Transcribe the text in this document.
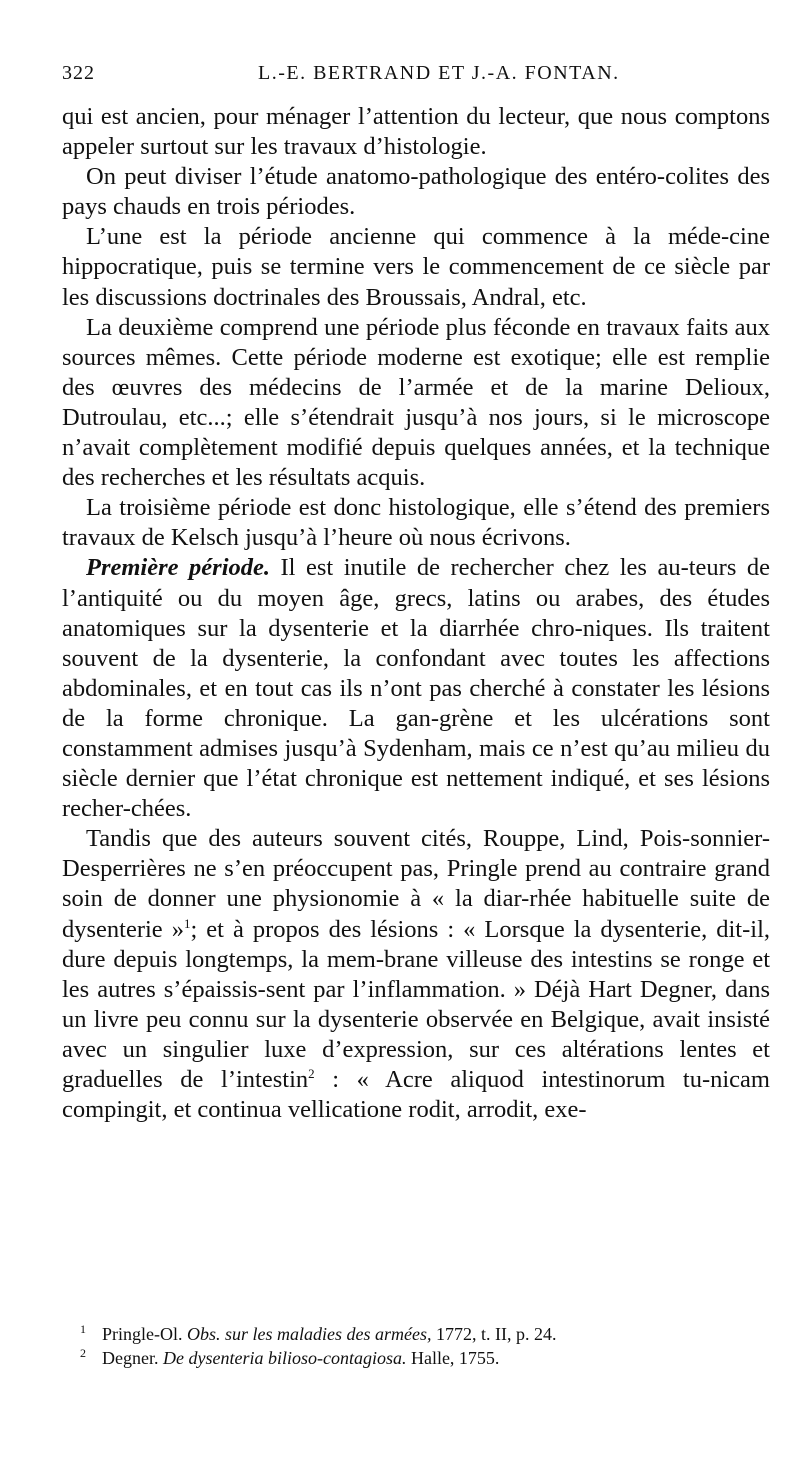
322	L.-E. BERTRAND ET J.-A. FONTAN.

qui est ancien, pour ménager l’attention du lecteur, que nous comptons appeler surtout sur les travaux d’histologie.

On peut diviser l’étude anatomo-pathologique des entéro-colites des pays chauds en trois périodes.

L’une est la période ancienne qui commence à la méde-cine hippocratique, puis se termine vers le commencement de ce siècle par les discussions doctrinales des Broussais, Andral, etc.

La deuxième comprend une période plus féconde en travaux faits aux sources mêmes. Cette période moderne est exotique; elle est remplie des œuvres des médecins de l’armée et de la marine Delioux, Dutroulau, etc...; elle s’étendrait jusqu’à nos jours, si le microscope n’avait complètement modifié depuis quelques années, et la technique des recherches et les résultats acquis.

La troisième période est donc histologique, elle s’étend des premiers travaux de Kelsch jusqu’à l’heure où nous écrivons.

Première période. Il est inutile de rechercher chez les au-teurs de l’antiquité ou du moyen âge, grecs, latins ou arabes, des études anatomiques sur la dysenterie et la diarrhée chro-niques. Ils traitent souvent de la dysenterie, la confondant avec toutes les affections abdominales, et en tout cas ils n’ont pas cherché à constater les lésions de la forme chronique. La gan-grène et les ulcérations sont constamment admises jusqu’à Sydenham, mais ce n’est qu’au milieu du siècle dernier que l’état chronique est nettement indiqué, et ses lésions recher-chées.

Tandis que des auteurs souvent cités, Rouppe, Lind, Pois-sonnier-Desperrières ne s’en préoccupent pas, Pringle prend au contraire grand soin de donner une physionomie à « la diar-rhée habituelle suite de dysenterie »$^1$; et à propos des lésions : « Lorsque la dysenterie, dit-il, dure depuis longtemps, la mem-brane villeuse des intestins se ronge et les autres s’épaissis-sent par l’inflammation. » Déjà Hart Degner, dans un livre peu connu sur la dysenterie observée en Belgique, avait insisté avec un singulier luxe d’expression, sur ces altérations lentes et graduelles de l’intestin$^2$ : « Acre aliquod intestinorum tu-nicam compingit, et continua vellicatione rodit, arrodit, exe-

1 Pringle-Ol. Obs. sur les maladies des armées, 1772, t. II, p. 24.
2 Degner. De dysenteria bilioso-contagiosa. Halle, 1755.
